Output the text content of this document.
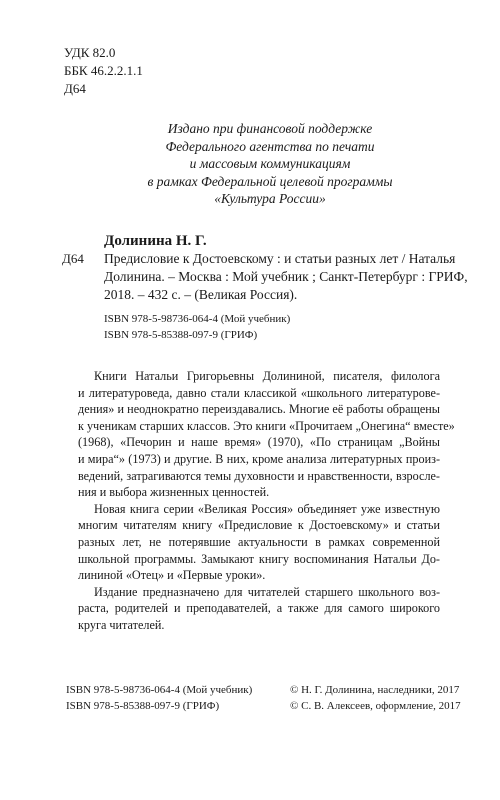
УДК 82.0
ББК 46.2.2.1.1
Д64
Издано при финансовой поддержке
Федерального агентства по печати
и массовым коммуникациям
в рамках Федеральной целевой программы
«Культура России»
Долинина Н. Г.
Д64 Предисловие к Достоевскому : и статьи разных лет / Наталья
Долинина. – Москва : Мой учебник ; Санкт-Петербург : ГРИФ,
2018. – 432 с. – (Великая Россия).
ISBN 978-5-98736-064-4 (Мой учебник)
ISBN 978-5-85388-097-9 (ГРИФ)
Книги Натальи Григорьевны Долининой, писателя, филолога
и литературоведа, давно стали классикой «школьного литературове-
дения» и неоднократно переиздавались. Многие её работы обращены
к ученикам старших классов. Это книги «Прочитаем „Онегина“ вместе»
(1968), «Печорин и наше время» (1970), «По страницам „Войны
и мира“» (1973) и другие. В них, кроме анализа литературных произ-
ведений, затрагиваются темы духовности и нравственности, взросле-
ния и выбора жизненных ценностей.
Новая книга серии «Великая Россия» объединяет уже известную
многим читателям книгу «Предисловие к Достоевскому» и статьи
разных лет, не потерявшие актуальности в рамках современной
школьной программы. Замыкают книгу воспоминания Натальи До-
лининой «Отец» и «Первые уроки».
Издание предназначено для читателей старшего школьного воз-
раста, родителей и преподавателей, а также для самого широкого
круга читателей.
ISBN 978-5-98736-064-4 (Мой учебник)
ISBN 978-5-85388-097-9 (ГРИФ)
© Н. Г. Долинина, наследники, 2017
© С. В. Алексеев, оформление, 2017
